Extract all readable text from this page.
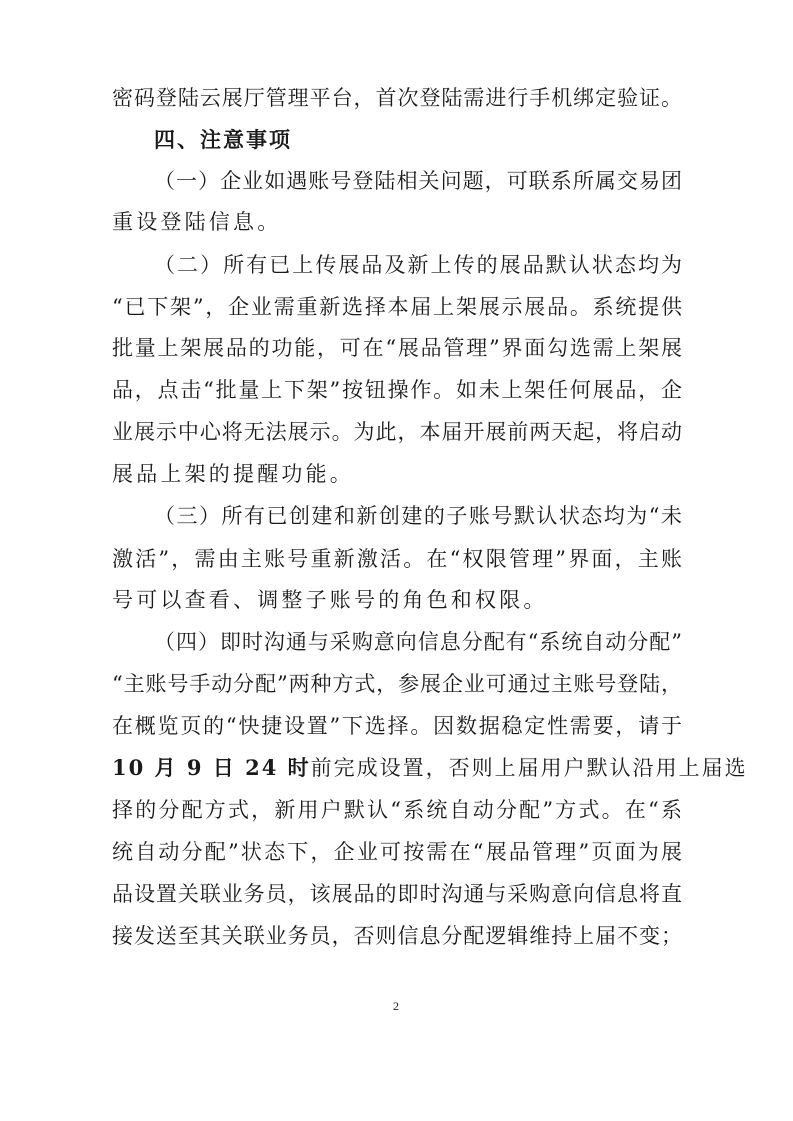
密码登陆云展厅管理平台，首次登陆需进行手机绑定验证。
四、注意事项
（一）企业如遇账号登陆相关问题，可联系所属交易团
重设登陆信息。
（二）所有已上传展品及新上传的展品默认状态均为
“已下架”，企业需重新选择本届上架展示展品。系统提供
批量上架展品的功能，可在“展品管理”界面勾选需上架展
品，点击“批量上下架”按钮操作。如未上架任何展品，企
业展示中心将无法展示。为此，本届开展前两天起，将启动
展品上架的提醒功能。
（三）所有已创建和新创建的子账号默认状态均为“未
激活”，需由主账号重新激活。在“权限管理”界面，主账
号可以查看、调整子账号的角色和权限。
（四）即时沟通与采购意向信息分配有“系统自动分配”
“主账号手动分配”两种方式，参展企业可通过主账号登陆，
在概览页的“快捷设置”下选择。因数据稳定性需要，请于
10 月 9 日 24 时前完成设置，否则上届用户默认沿用上届选
择的分配方式，新用户默认“系统自动分配”方式。在“系
统自动分配”状态下，企业可按需在“展品管理”页面为展
品设置关联业务员，该展品的即时沟通与采购意向信息将直
接发送至其关联业务员，否则信息分配逻辑维持上届不变；
2
